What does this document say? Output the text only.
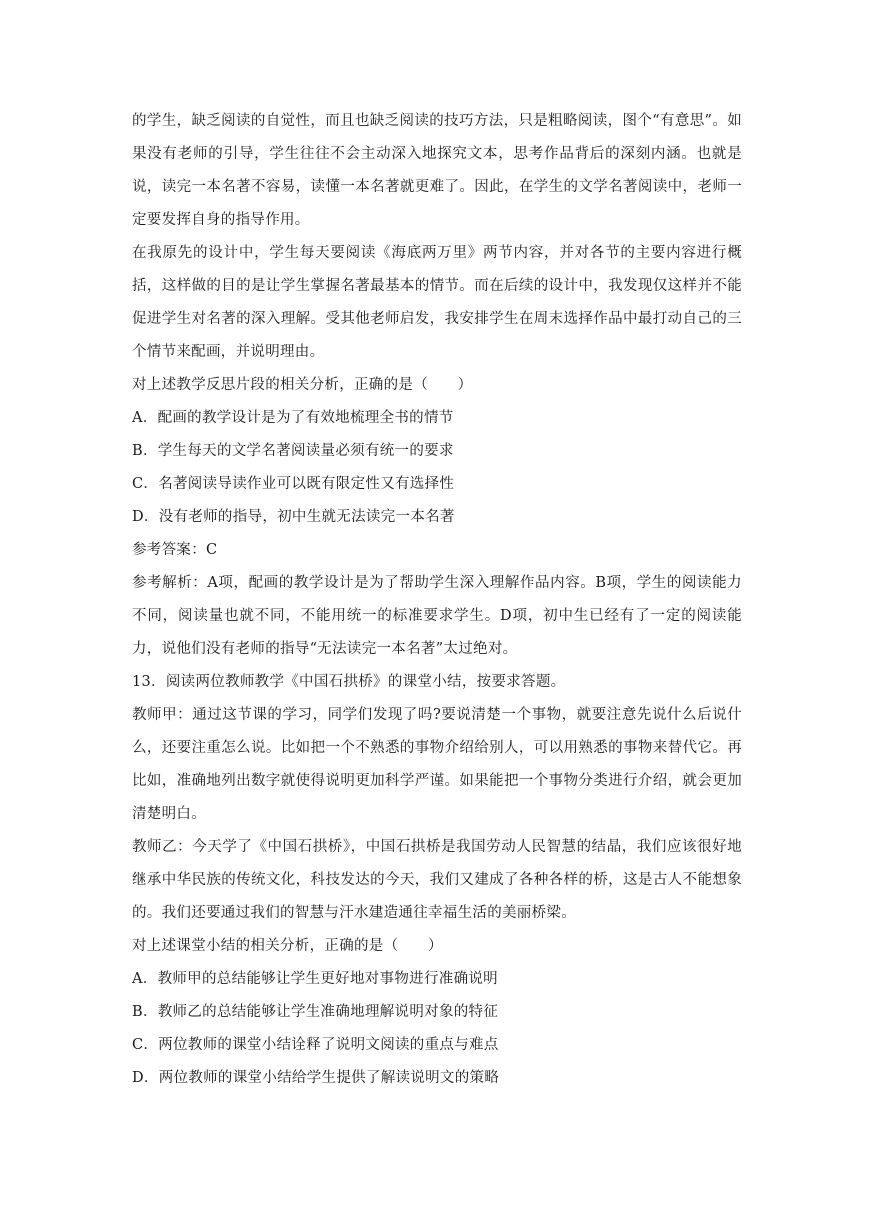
的学生，缺乏阅读的自觉性，而且也缺乏阅读的技巧方法，只是粗略阅读，图个“有意思”。如果没有老师的引导，学生往往不会主动深入地探究文本，思考作品背后的深刻内涵。也就是说，读完一本名著不容易，读懂一本名著就更难了。因此，在学生的文学名著阅读中，老师一定要发挥自身的指导作用。

在我原先的设计中，学生每天要阅读《海底两万里》两节内容，并对各节的主要内容进行概括，这样做的目的是让学生掌握名著最基本的情节。而在后续的设计中，我发现仅这样并不能促进学生对名著的深入理解。受其他老师启发，我安排学生在周末选择作品中最打动自己的三个情节来配画，并说明理由。

对上述教学反思片段的相关分析，正确的是（　　）

A．配画的教学设计是为了有效地梳理全书的情节

B．学生每天的文学名著阅读量必须有统一的要求

C．名著阅读导读作业可以既有限定性又有选择性

D．没有老师的指导，初中生就无法读完一本名著

参考答案：C

参考解析：A项，配画的教学设计是为了帮助学生深入理解作品内容。B项，学生的阅读能力不同，阅读量也就不同，不能用统一的标准要求学生。D项，初中生已经有了一定的阅读能力，说他们没有老师的指导“无法读完一本名著”太过绝对。

13．阅读两位教师教学《中国石拱桥》的课堂小结，按要求答题。

教师甲：通过这节课的学习，同学们发现了吗?要说清楚一个事物，就要注意先说什么后说什么，还要注重怎么说。比如把一个不熟悉的事物介绍给别人，可以用熟悉的事物来替代它。再比如，准确地列出数字就使得说明更加科学严谨。如果能把一个事物分类进行介绍，就会更加清楚明白。

教师乙：今天学了《中国石拱桥》，中国石拱桥是我国劳动人民智慧的结晶，我们应该很好地继承中华民族的传统文化，科技发达的今天，我们又建成了各种各样的桥，这是古人不能想象的。我们还要通过我们的智慧与汗水建造通往幸福生活的美丽桥梁。

对上述课堂小结的相关分析，正确的是（　　）

A．教师甲的总结能够让学生更好地对事物进行准确说明

B．教师乙的总结能够让学生准确地理解说明对象的特征

C．两位教师的课堂小结诠释了说明文阅读的重点与难点

D．两位教师的课堂小结给学生提供了解读说明文的策略
